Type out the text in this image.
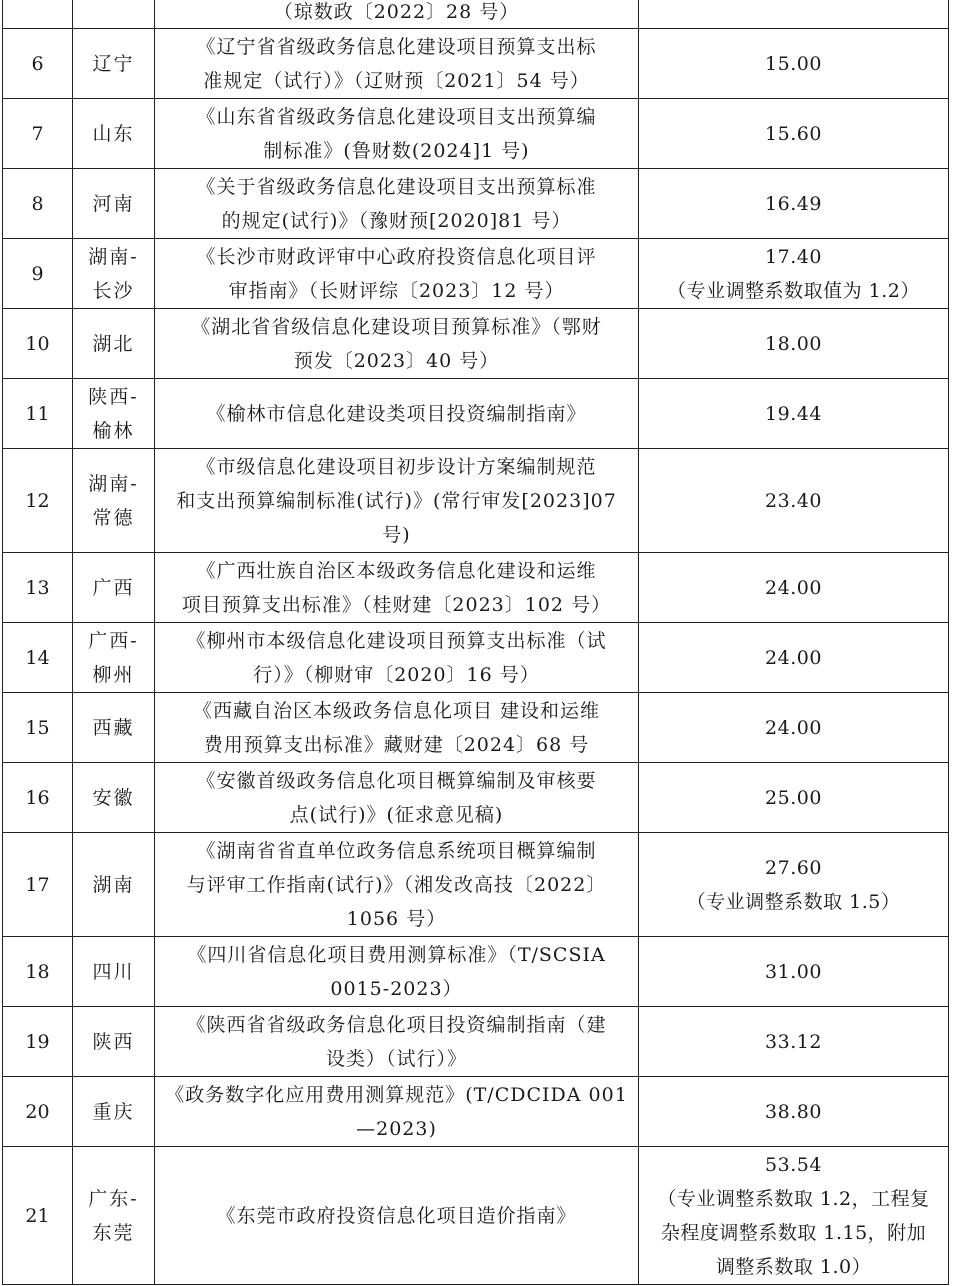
		（琼数政〔2022〕28 号）	

6	辽宁	《辽宁省省级政务信息化建设项目预算支出标
准规定（试行）》（辽财预〔2021〕54 号）	15.00

7	山东	《山东省省级政务信息化建设项目支出预算编
制标准》(鲁财数(2024]1 号)	15.60

8	河南	《关于省级政务信息化建设项目支出预算标准
的规定(试行)》（豫财预[2020]81 号）	16.49

9	湖南-
长沙	《长沙市财政评审中心政府投资信息化项目评
审指南》（长财评综〔2023〕12 号）	17.40
（专业调整系数取值为 1.2）

10	湖北	《湖北省省级信息化建设项目预算标准》（鄂财
预发〔2023〕40 号）	18.00

11	陕西-
榆林	《榆林市信息化建设类项目投资编制指南》	19.44

12	湖南-
常德	《市级信息化建设项目初步设计方案编制规范
和支出预算编制标准(试行)》(常行审发[2023]07
号)	23.40

13	广西	《广西壮族自治区本级政务信息化建设和运维
项目预算支出标准》（桂财建〔2023〕102 号）	24.00

14	广西-
柳州	《柳州市本级信息化建设项目预算支出标准（试
行）》（柳财审〔2020〕16 号）	24.00

15	西藏	《西藏自治区本级政务信息化项目 建设和运维
费用预算支出标准》藏财建〔2024〕68 号	24.00

16	安徽	《安徽首级政务信息化项目概算编制及审核要
点(试行)》(征求意见稿)	25.00

17	湖南	《湖南省省直单位政务信息系统项目概算编制
与评审工作指南(试行)》（湘发改高技〔2022〕
1056 号）	27.60
（专业调整系数取 1.5）

18	四川	《四川省信息化项目费用测算标准》（T/SCSIA
0015-2023）	31.00

19	陕西	《陕西省省级政务信息化项目投资编制指南（建
设类）（试行）》	33.12

20	重庆	《政务数字化应用费用测算规范》(T/CDCIDA 001
—2023)	38.80

21	广东-
东莞	《东莞市政府投资信息化项目造价指南》	53.54
（专业调整系数取 1.2，工程复
杂程度调整系数取 1.15，附加
调整系数取 1.0）
